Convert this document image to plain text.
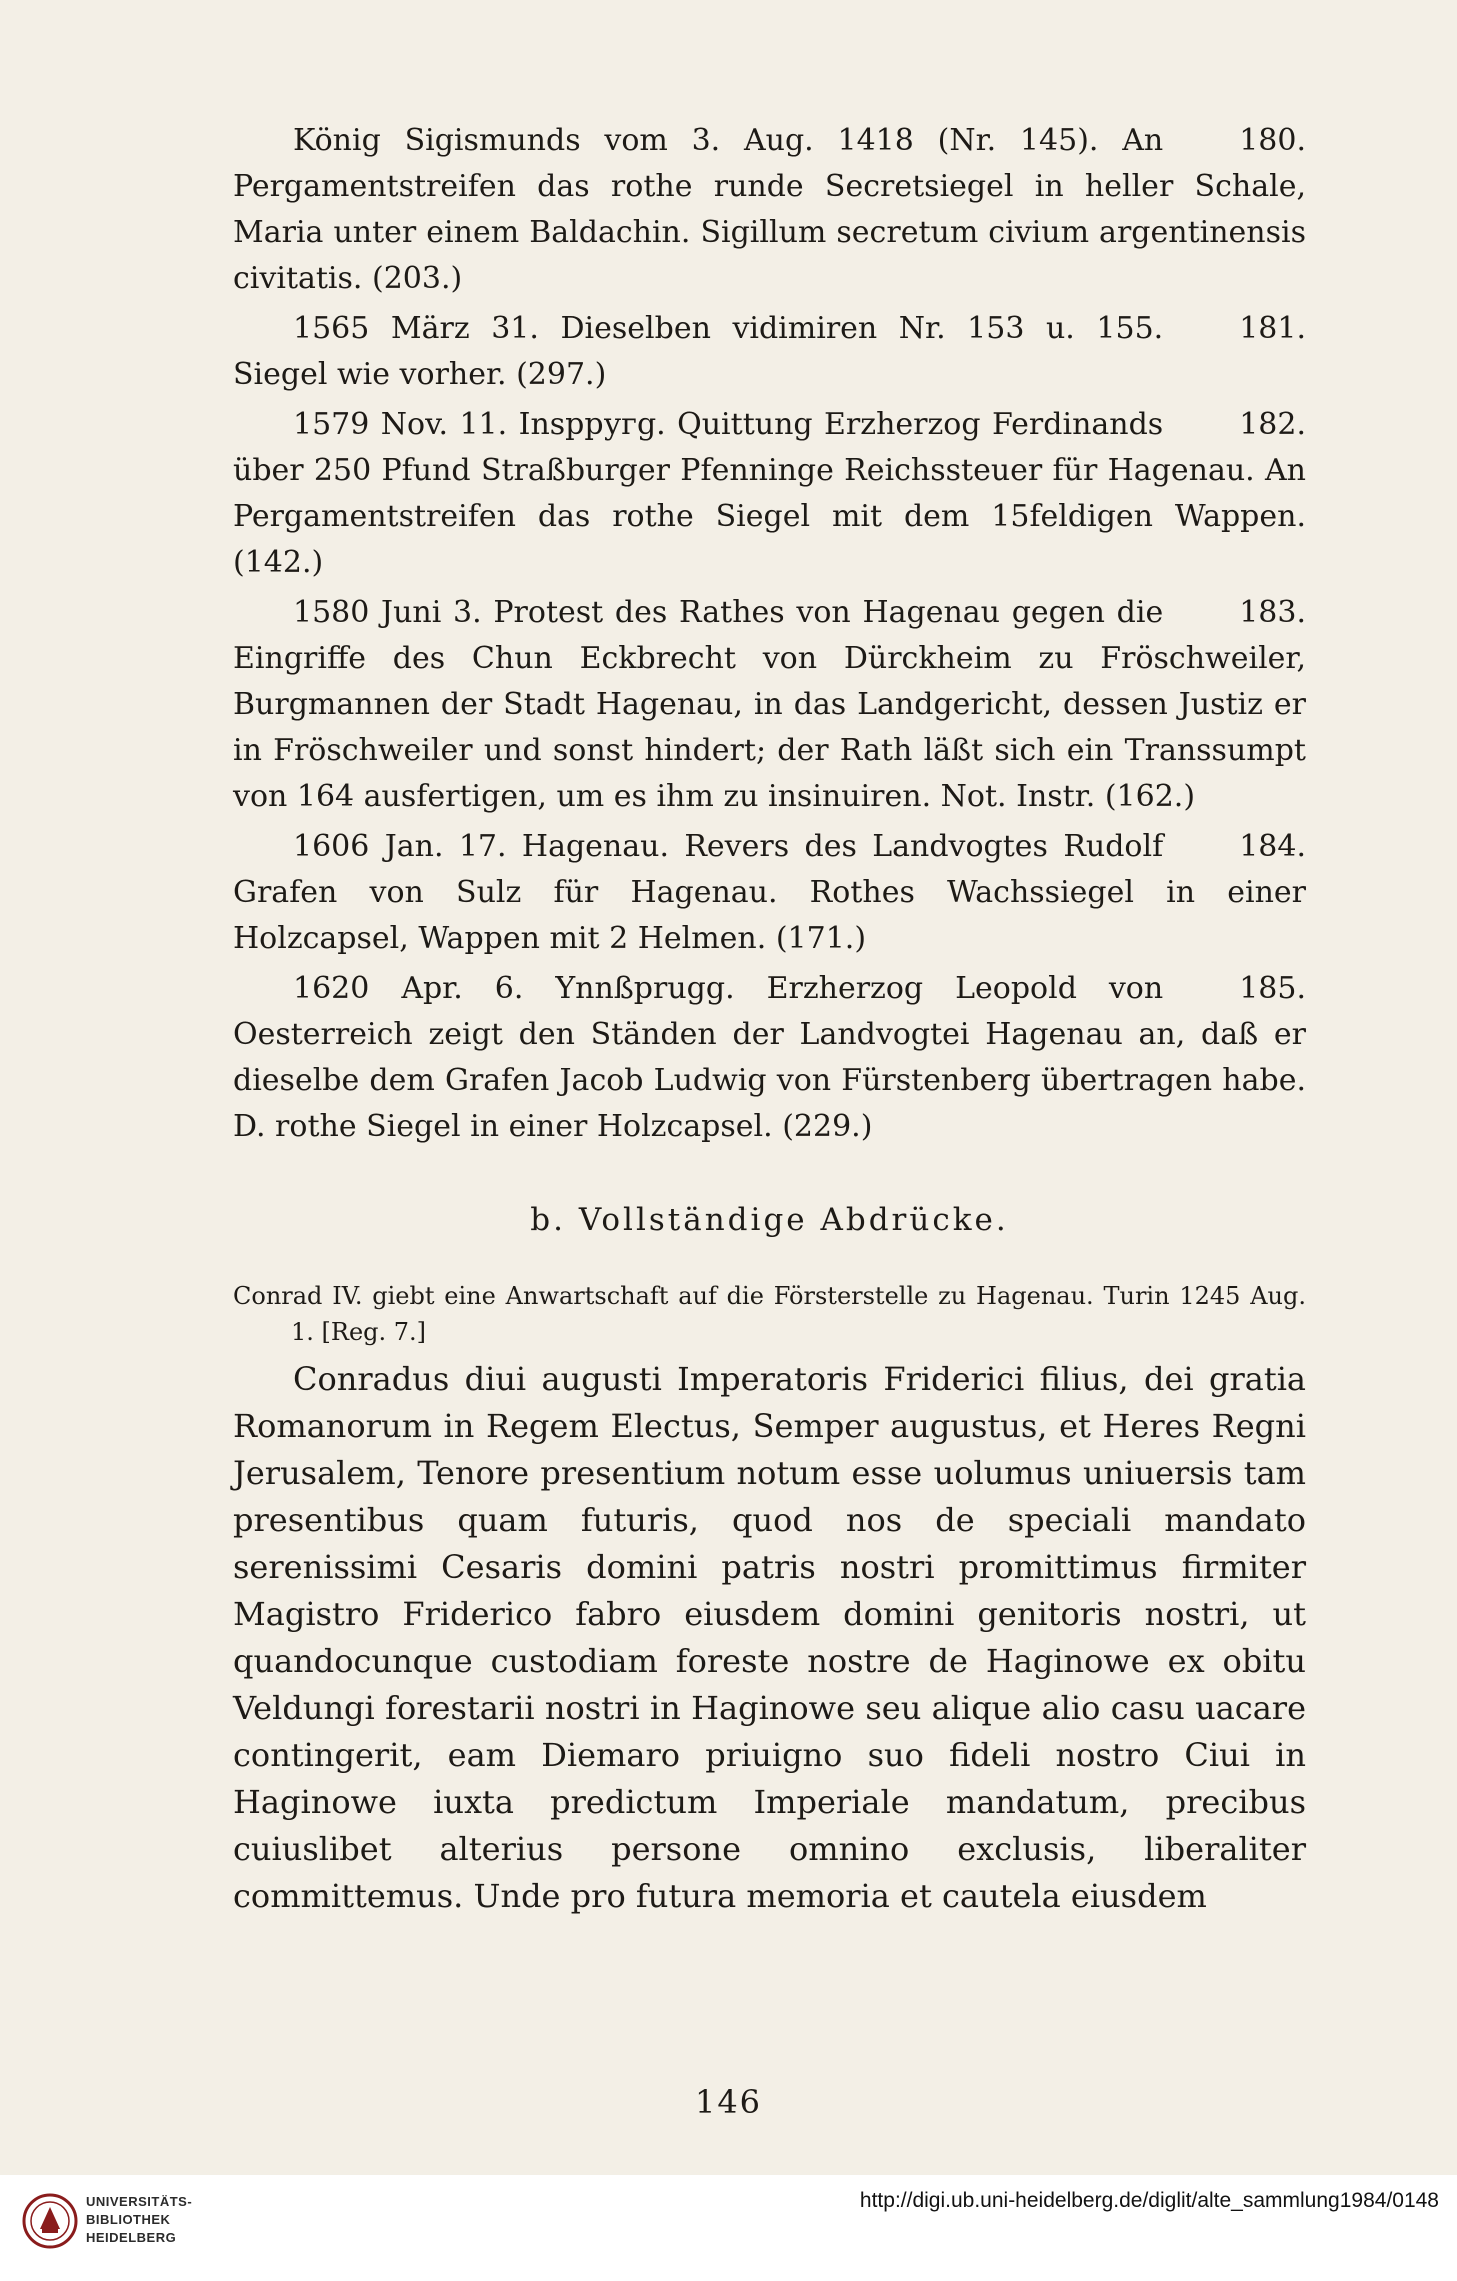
180.
König Sigismunds vom 3. Aug. 1418 (Nr. 145). An Pergamentstreifen das rothe runde Secretsiegel in heller Schale, Maria unter einem Baldachin. Sigillum secretum civium argentinensis civitatis. (203.)

181.
1565 März 31. Dieselben vidimiren Nr. 153 u. 155. Siegel wie vorher. (297.)

182.
1579 Nov. 11. Inspругg. Quittung Erzherzog Ferdinands über 250 Pfund Straßburger Pfenninge Reichssteuer für Hagenau. An Pergamentstreifen das rothe Siegel mit dem 15feldigen Wappen. (142.)

183.
1580 Juni 3. Protest des Rathes von Hagenau gegen die Eingriffe des Chun Eckbrecht von Dürckheim zu Fröschweiler, Burgmannen der Stadt Hagenau, in das Landgericht, dessen Justiz er in Fröschweiler und sonst hindert; der Rath läßt sich ein Transsumpt von 164 ausfertigen, um es ihm zu insinuiren. Not. Instr. (162.)

184.
1606 Jan. 17. Hagenau. Revers des Landvogtes Rudolf Grafen von Sulz für Hagenau. Rothes Wachssiegel in einer Holzcapsel, Wappen mit 2 Helmen. (171.)

185.
1620 Apr. 6. Ynnßprugg. Erzherzog Leopold von Oesterreich zeigt den Ständen der Landvogtei Hagenau an, daß er dieselbe dem Grafen Jacob Ludwig von Fürstenberg übertragen habe. D. rothe Siegel in einer Holzcapsel. (229.)

b. Vollständige Abdrücke.

Conrad IV. giebt eine Anwartschaft auf die Försterstelle zu Hagenau. Turin 1245 Aug. 1. [Reg. 7.]

Conradus diui augusti Imperatoris Friderici filius, dei gratia Romanorum in Regem Electus, Semper augustus, et Heres Regni Jerusalem, Tenore presentium notum esse uolumus uniuersis tam presentibus quam futuris, quod nos de speciali mandato serenissimi Cesaris domini patris nostri promittimus firmiter Magistro Friderico fabro eiusdem domini genitoris nostri, ut quandocunque custodiam foreste nostre de Haginowe ex obitu Veldungi forestarii nostri in Haginowe seu alique alio casu uacare contingerit, eam Diemaro priuigno suo fideli nostro Ciui in Haginowe iuxta predictum Imperiale mandatum, precibus cuiuslibet alterius persone omnino exclusis, liberaliter committemus. Unde pro futura memoria et cautela eiusdem

146
UNIVERSITÄTS-
BIBLIOTHEK
HEIDELBERG
http://digi.ub.uni-heidelberg.de/diglit/alte_sammlung1984/0148
